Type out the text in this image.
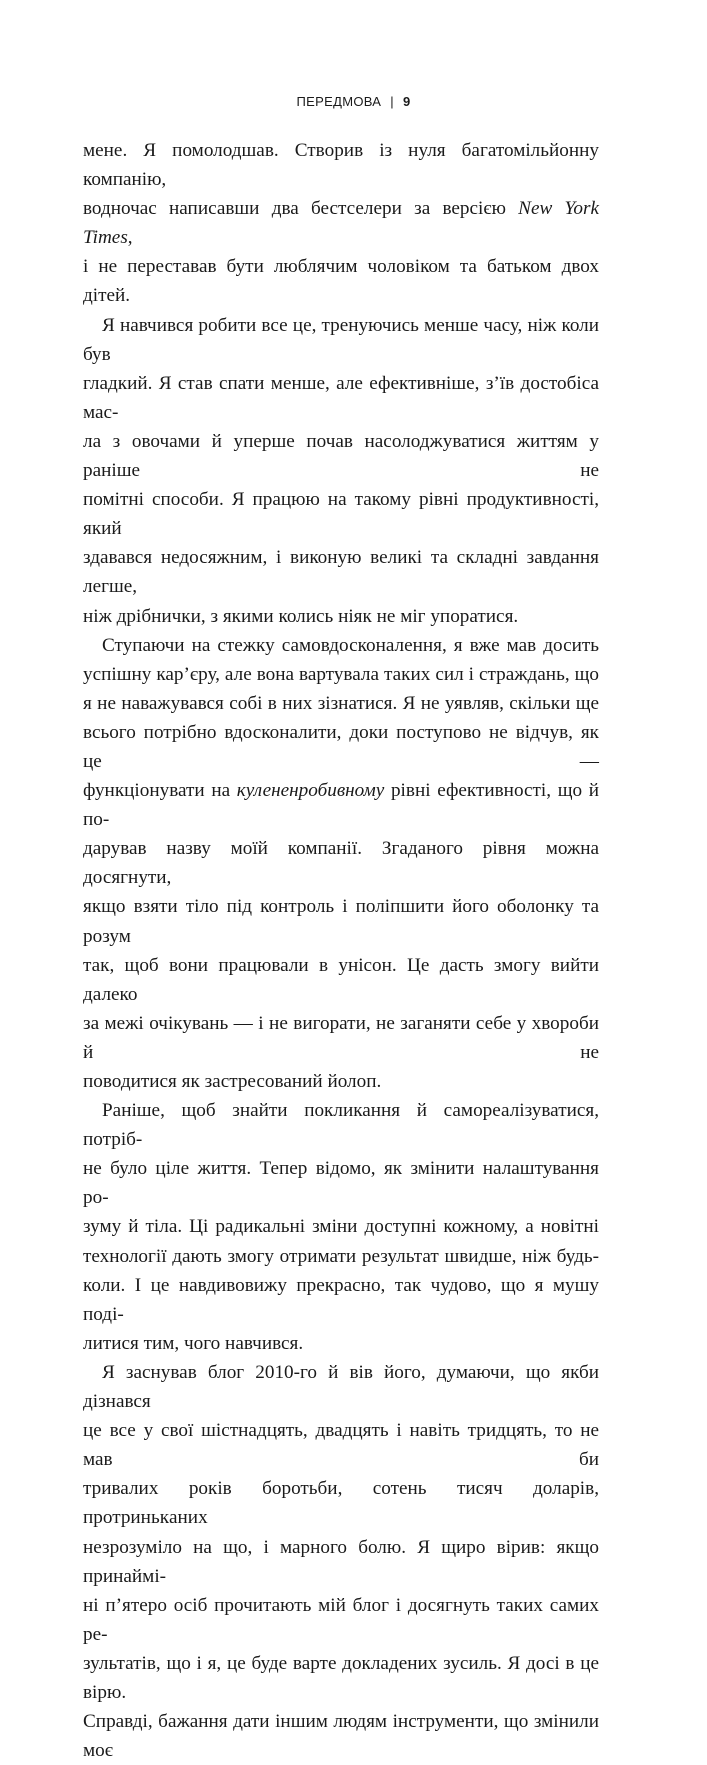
ПЕРЕДМОВА | 9

мене. Я помолодшав. Створив із нуля багатомільйонну компанію,

водночас написавши два бестселери за версією New York Times,

і не переставав бути люблячим чоловіком та батьком двох дітей.

Я навчився робити все це, тренуючись менше часу, ніж коли був

гладкий. Я став спати менше, але ефективніше, з’їв достобіса мас-

ла з овочами й уперше почав насолоджуватися життям у раніше не

помітні способи. Я працюю на такому рівні продуктивності, який

здавався недосяжним, і виконую великі та складні завдання легше,

ніж дрібнички, з якими колись ніяк не міг упоратися.

Ступаючи на стежку самовдосконалення, я вже мав досить

успішну кар’єру, але вона вартувала таких сил і страждань, що

я не наважувався собі в них зізнатися. Я не уявляв, скільки ще

всього потрібно вдосконалити, доки поступово не відчув, як це —

функціонувати на кулененробивному рівні ефективності, що й по-

дарував назву моїй компанії. Згаданого рівня можна досягнути,

якщо взяти тіло під контроль і поліпшити його оболонку та розум

так, щоб вони працювали в унісон. Це дасть змогу вийти далеко

за межі очікувань — і не вигорати, не заганяти себе у хвороби й не

поводитися як застресований йолоп.

Раніше, щоб знайти покликання й самореалізуватися, потріб-

не було ціле життя. Тепер відомо, як змінити налаштування ро-

зуму й тіла. Ці радикальні зміни доступні кожному, а новітні

технології дають змогу отримати результат швидше, ніж будь-

коли. І це навдивовижу прекрасно, так чудово, що я мушу поді-

литися тим, чого навчився.

Я заснував блог 2010-го й вів його, думаючи, що якби дізнався

це все у свої шістнадцять, двадцять і навіть тридцять, то не мав би

тривалих років боротьби, сотень тисяч доларів, протринькaних

незрозуміло на що, і марного болю. Я щиро вірив: якщо принаймі-

ні п’ятеро осіб прочитають мій блог і досягнуть таких самих ре-

зультатів, що і я, це буде варте докладених зусиль. Я досі в це вірю.

Справді, бажання дати іншим людям інструменти, що змінили моє
